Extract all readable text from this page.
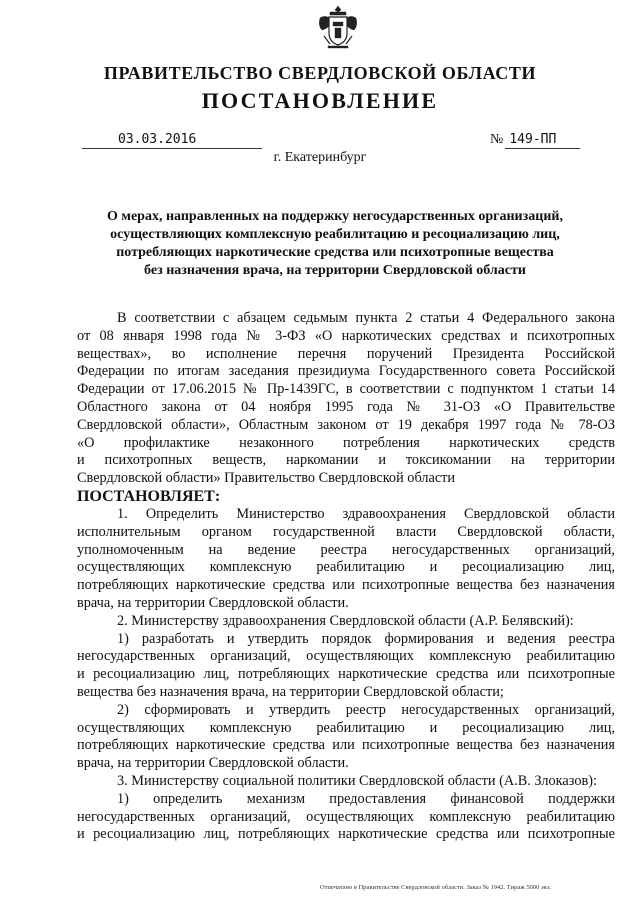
ПРАВИТЕЛЬСТВО СВЕРДЛОВСКОЙ ОБЛАСТИ
ПОСТАНОВЛЕНИЕ
03.03.2016	№ 149-ПП
г. Екатеринбург
О мерах, направленных на поддержку негосударственных организаций,
осуществляющих комплексную реабилитацию и ресоциализацию лиц,
потребляющих наркотические средства или психотропные вещества
без назначения врача, на территории Свердловской области
В соответствии с абзацем седьмым пункта 2 статьи 4 Федерального закона
от 08 января 1998 года № 3-ФЗ «О наркотических средствах и психотропных
веществах», во исполнение перечня поручений Президента Российской
Федерации по итогам заседания президиума Государственного совета Российской
Федерации от 17.06.2015 № Пр-1439ГС, в соответствии с подпунктом 1 статьи 14
Областного закона от 04 ноября 1995 года № 31-ОЗ «О Правительстве
Свердловской области», Областным законом от 19 декабря 1997 года № 78-ОЗ
«О профилактике незаконного потребления наркотических средств
и психотропных веществ, наркомании и токсикомании на территории
Свердловской области» Правительство Свердловской области
ПОСТАНОВЛЯЕТ:
1. Определить Министерство здравоохранения Свердловской области
исполнительным органом государственной власти Свердловской области,
уполномоченным на ведение реестра негосударственных организаций,
осуществляющих комплексную реабилитацию и ресоциализацию лиц,
потребляющих наркотические средства или психотропные вещества без назначения
врача, на территории Свердловской области.
2. Министерству здравоохранения Свердловской области (А.Р. Белявский):
1) разработать и утвердить порядок формирования и ведения реестра
негосударственных организаций, осуществляющих комплексную реабилитацию
и ресоциализацию лиц, потребляющих наркотические средства или психотропные
вещества без назначения врача, на территории Свердловской области;
2) сформировать и утвердить реестр негосударственных организаций,
осуществляющих комплексную реабилитацию и ресоциализацию лиц,
потребляющих наркотические средства или психотропные вещества без назначения
врача, на территории Свердловской области.
3. Министерству социальной политики Свердловской области (А.В. Злоказов):
1) определить механизм предоставления финансовой поддержки
негосударственных организаций, осуществляющих комплексную реабилитацию
и ресоциализацию лиц, потребляющих наркотические средства или психотропные
Отпечатано в Правительстве Свердловской области. Заказ № 1942. Тираж 5000 экз.
